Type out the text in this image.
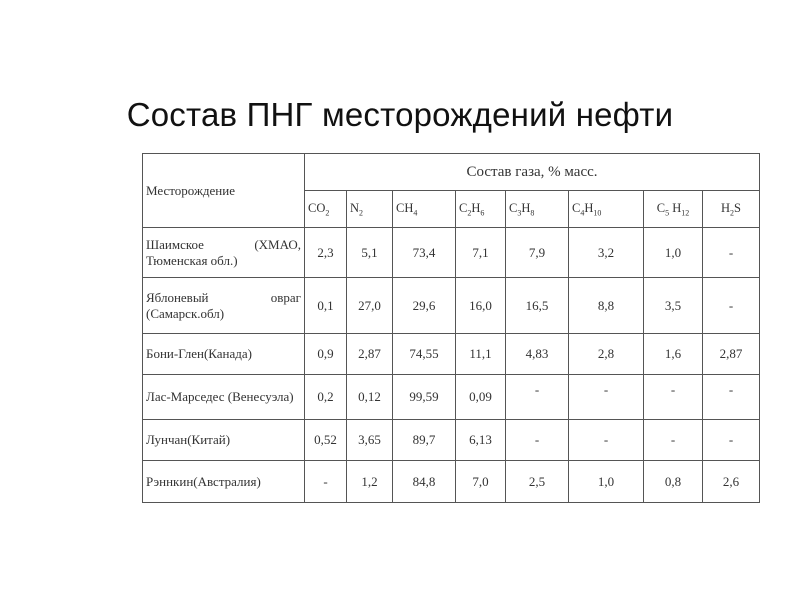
Состав ПНГ месторождений нефти
Месторождение	Состав газа, % масс.							
	$CO_2$	$N_2$	$CH_4$	$C_2H_6$	$C_3H_8$	$C_4H_{10}$	$C_5$ $H_{12}$	$H_2S$
Шаимское (ХМАО, Тюменская обл.)	2,3	5,1	73,4	7,1	7,9	3,2	1,0	-
Яблоневый овраг (Самарск.обл)	0,1	27,0	29,6	16,0	16,5	8,8	3,5	-
Бони-Глен(Канада)	0,9	2,87	74,55	11,1	4,83	2,8	1,6	2,87
Лас-Марседес (Венесуэла)	0,2	0,12	99,59	0,09	-	-	-	-
Лунчан(Китай)	0,52	3,65	89,7	6,13	-	-	-	-
Рэннкин(Австралия)	-	1,2	84,8	7,0	2,5	1,0	0,8	2,6
